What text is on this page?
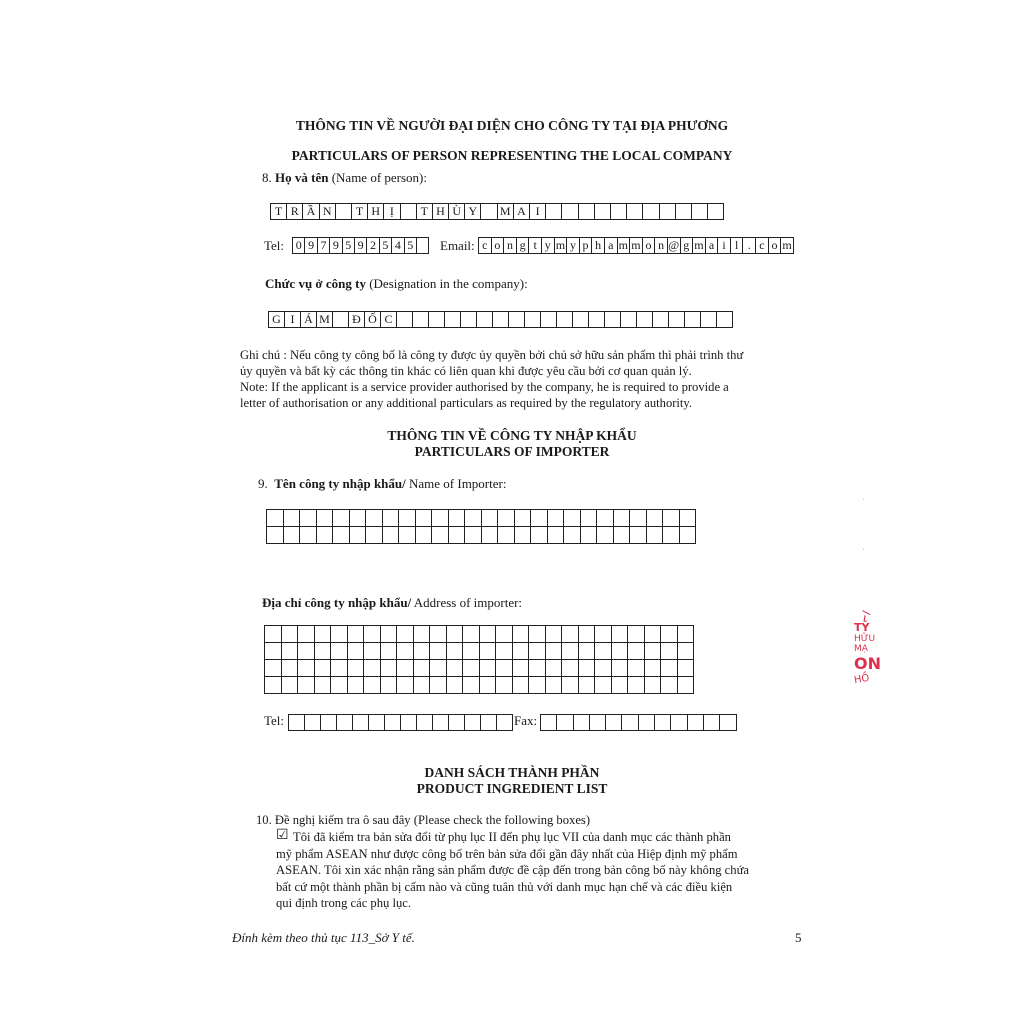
THÔNG TIN VỀ NGƯỜI ĐẠI DIỆN CHO CÔNG TY TẠI ĐỊA PHƯƠNG
PARTICULARS OF PERSON REPRESENTING THE LOCAL COMPANY
8. Họ và tên (Name of person):
T R Ầ N	T H Ị	T H Ù Y	M A I
Tel: 0 9 7 9 5 9 2 5 4 5 Email: c o n g t y m y p h a m m o n @ g m a i l . c o m
Chức vụ ở công ty (Designation in the company):
G I Á M Đ Ố C
Ghi chú : Nếu công ty công bố là công ty được ủy quyền bởi chủ sở hữu sản phẩm thì phải trình thư
ủy quyền và bất kỳ các thông tin khác có liên quan khi được yêu cầu bởi cơ quan quản lý.
Note: If the applicant is a service provider authorised by the company, he is required to provide a
letter of authorisation or any additional particulars as required by the regulatory authority.
THÔNG TIN VỀ CÔNG TY NHẬP KHẨU
PARTICULARS OF IMPORTER
9. Tên công ty nhập khẩu/ Name of Importer:

Địa chỉ công ty nhập khẩu/ Address of importer:

Tel:	Fax:
DANH SÁCH THÀNH PHẦN
PRODUCT INGREDIENT LIST
10. Đề nghị kiểm tra ô sau đây (Please check the following boxes)
☑ Tôi đã kiểm tra bản sửa đổi từ phụ lục II đến phụ lục VII của danh mục các thành phần
mỹ phẩm ASEAN như được công bố trên bản sửa đổi gần đây nhất của Hiệp định mỹ phẩm
ASEAN. Tôi xin xác nhận rằng sản phẩm được đề cập đến trong bản công bố này không chứa
bất cứ một thành phần bị cấm nào và cũng tuân thủ với danh mục hạn chế và các điều kiện
qui định trong các phụ lục.
Đính kèm theo thủ tục 113_Sở Y tế.	5
⌐/
TY
HỮU
MẠ
ON
HỒ
·
·
